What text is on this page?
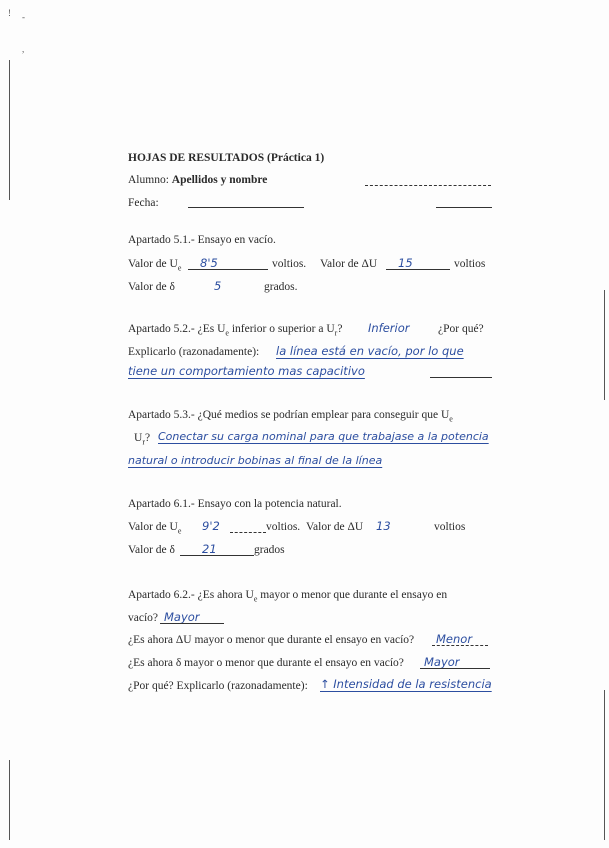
! -
,
HOJAS DE RESULTADOS (Práctica 1)
Alumno: Apellidos y nombre
Fecha:
Apartado 5.1.- Ensayo en vacío.
Valor de $U_e$ 8'5	voltios. Valor de ΔU 15	voltios
Valor de δ	5	grados.
Apartado 5.2.- ¿Es $U_e$ inferior o superior a $U_r$? Inferior ¿Por qué?
Explicarlo (razonadamente): la línea está en vacío, por lo que
tiene un comportamiento mas capacitivo
Apartado 5.3.- ¿Qué medios se podrían emplear para conseguir que $U_e$
$U_r$? Conectar su carga nominal para que trabajase a la potencia
natural o introducir bobinas al final de la línea
Apartado 6.1.- Ensayo con la potencia natural.
Valor de $U_e$ 9'2	voltios. Valor de ΔU 13	voltios
Valor de δ 21	grados
Apartado 6.2.- ¿Es ahora $U_e$ mayor o menor que durante el ensayo en
vacío? Mayor
¿Es ahora ΔU mayor o menor que durante el ensayo en vacío? Menor
¿Es ahora δ mayor o menor que durante el ensayo en vacío? Mayor
¿Por qué? Explicarlo (razonadamente): ↑ Intensidad de la resistencia
